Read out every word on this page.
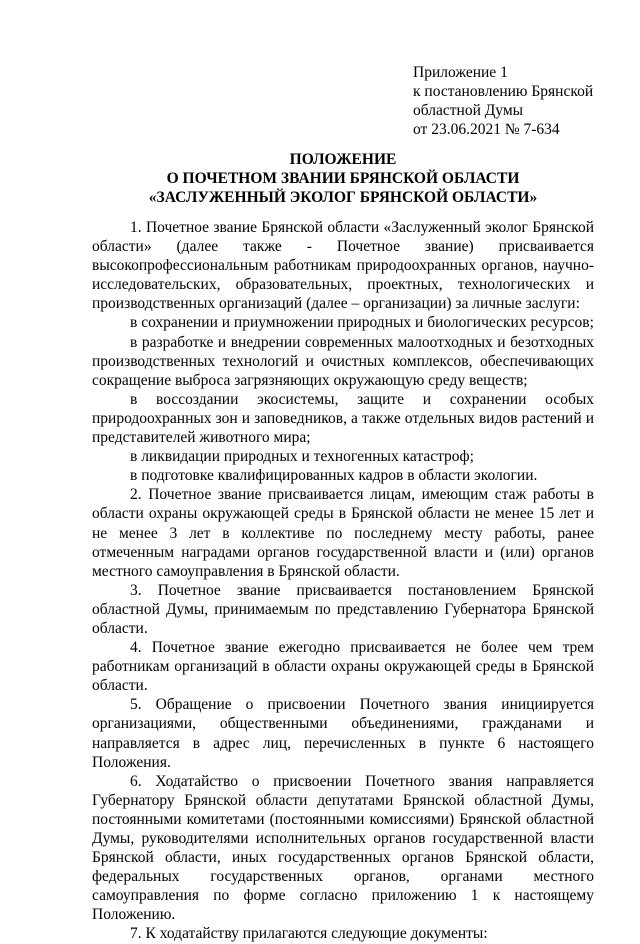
Приложение 1
к постановлению Брянской
областной Думы
от 23.06.2021 № 7-634
ПОЛОЖЕНИЕ
О ПОЧЕТНОМ ЗВАНИИ БРЯНСКОЙ ОБЛАСТИ
«ЗАСЛУЖЕННЫЙ ЭКОЛОГ БРЯНСКОЙ ОБЛАСТИ»

1. Почетное звание Брянской области «Заслуженный эколог Брянской области» (далее также - Почетное звание) присваивается высокопрофессиональным работникам природоохранных органов, научно-исследовательских, образовательных, проектных, технологических и производственных организаций (далее – организации) за личные заслуги:

в сохранении и приумножении природных и биологических ресурсов;

в разработке и внедрении современных малоотходных и безотходных производственных технологий и очистных комплексов, обеспечивающих сокращение выброса загрязняющих окружающую среду веществ;

в воссоздании экосистемы, защите и сохранении особых природоохранных зон и заповедников, а также отдельных видов растений и представителей животного мира;

в ликвидации природных и техногенных катастроф;

в подготовке квалифицированных кадров в области экологии.

2. Почетное звание присваивается лицам, имеющим стаж работы в области охраны окружающей среды в Брянской области не менее 15 лет и не менее 3 лет в коллективе по последнему месту работы, ранее отмеченным наградами органов государственной власти и (или) органов местного самоуправления в Брянской области.

3. Почетное звание присваивается постановлением Брянской областной Думы, принимаемым по представлению Губернатора Брянской области.

4. Почетное звание ежегодно присваивается не более чем трем работникам организаций в области охраны окружающей среды в Брянской области.

5. Обращение о присвоении Почетного звания инициируется организациями, общественными объединениями, гражданами и направляется в адрес лиц, перечисленных в пункте 6 настоящего Положения.

6. Ходатайство о присвоении Почетного звания направляется Губернатору Брянской области депутатами Брянской областной Думы, постоянными комитетами (постоянными комиссиями) Брянской областной Думы, руководителями исполнительных органов государственной власти Брянской области, иных государственных органов Брянской области, федеральных государственных органов, органами местного самоуправления по форме согласно приложению 1 к настоящему Положению.

7. К ходатайству прилагаются следующие документы:
